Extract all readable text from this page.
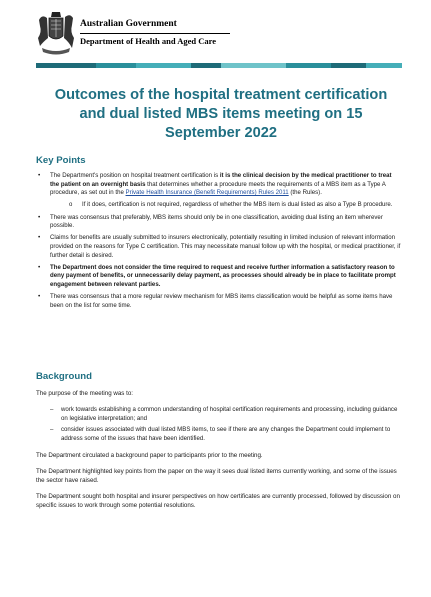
Australian Government
Department of Health and Aged Care
Outcomes of the hospital treatment certification
and dual listed MBS items meeting on 15
September 2022
Key Points
• The Department's position on hospital treatment certification is it is the clinical decision by the medical practitioner to treat the patient on an overnight basis that determines whether a procedure meets the requirements of a MBS item as a Type A procedure, as set out in the Private Health Insurance (Benefit Requirements) Rules 2011 (the Rules).
o If it does, certification is not required, regardless of whether the MBS item is dual listed as also a Type B procedure.
• There was consensus that preferably, MBS items should only be in one classification, avoiding dual listing an item wherever possible.
• Claims for benefits are usually submitted to insurers electronically, potentially resulting in limited inclusion of relevant information provided on the reasons for Type C certification. This may necessitate manual follow up with the hospital, or medical practitioner, if further detail is desired.
• The Department does not consider the time required to request and receive further information a satisfactory reason to deny payment of benefits, or unnecessarily delay payment, as processes should already be in place to facilitate prompt engagement between relevant parties.
• There was consensus that a more regular review mechanism for MBS items classification would be helpful as some items have been on the list for some time.
Background
The purpose of the meeting was to:
– work towards establishing a common understanding of hospital certification requirements and processing, including guidance on legislative interpretation; and
– consider issues associated with dual listed MBS items, to see if there are any changes the Department could implement to address some of the issues that have been identified.
The Department circulated a background paper to participants prior to the meeting.
The Department highlighted key points from the paper on the way it sees dual listed items currently working, and some of the issues the sector have raised.
The Department sought both hospital and insurer perspectives on how certificates are currently processed, followed by discussion on specific issues to work through some potential resolutions.
